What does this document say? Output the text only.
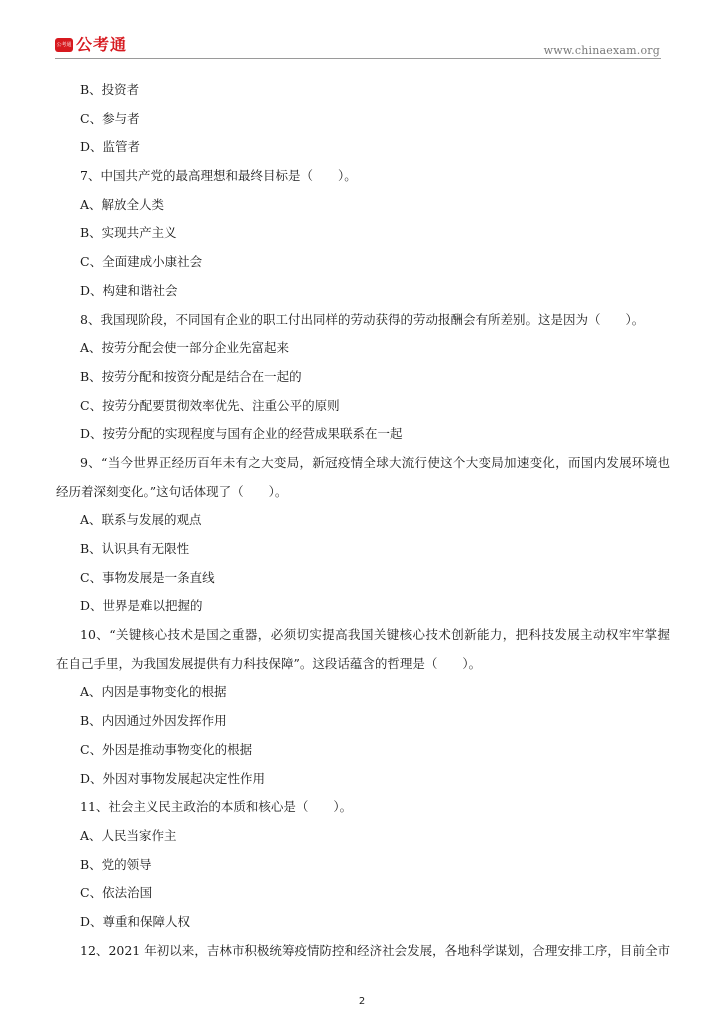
公考通 公考通	www.chinaexam.org
B、投资者
C、参与者
D、监管者
7、中国共产党的最高理想和最终目标是（　　）。
A、解放全人类
B、实现共产主义
C、全面建成小康社会
D、构建和谐社会
8、我国现阶段，不同国有企业的职工付出同样的劳动获得的劳动报酬会有所差别。这是因为（　　）。
A、按劳分配会使一部分企业先富起来
B、按劳分配和按资分配是结合在一起的
C、按劳分配要贯彻效率优先、注重公平的原则
D、按劳分配的实现程度与国有企业的经营成果联系在一起
9、“当今世界正经历百年未有之大变局，新冠疫情全球大流行使这个大变局加速变化，而国内发展环境也
经历着深刻变化。”这句话体现了（　　）。
A、联系与发展的观点
B、认识具有无限性
C、事物发展是一条直线
D、世界是难以把握的
10、“关键核心技术是国之重器，必须切实提高我国关键核心技术创新能力，把科技发展主动权牢牢掌握
在自己手里，为我国发展提供有力科技保障”。这段话蕴含的哲理是（　　）。
A、内因是事物变化的根据
B、内因通过外因发挥作用
C、外因是推动事物变化的根据
D、外因对事物发展起决定性作用
11、社会主义民主政治的本质和核心是（　　）。
A、人民当家作主
B、党的领导
C、依法治国
D、尊重和保障人权
12、2021 年初以来，吉林市积极统筹疫情防控和经济社会发展，各地科学谋划，合理安排工序，目前全市
2
